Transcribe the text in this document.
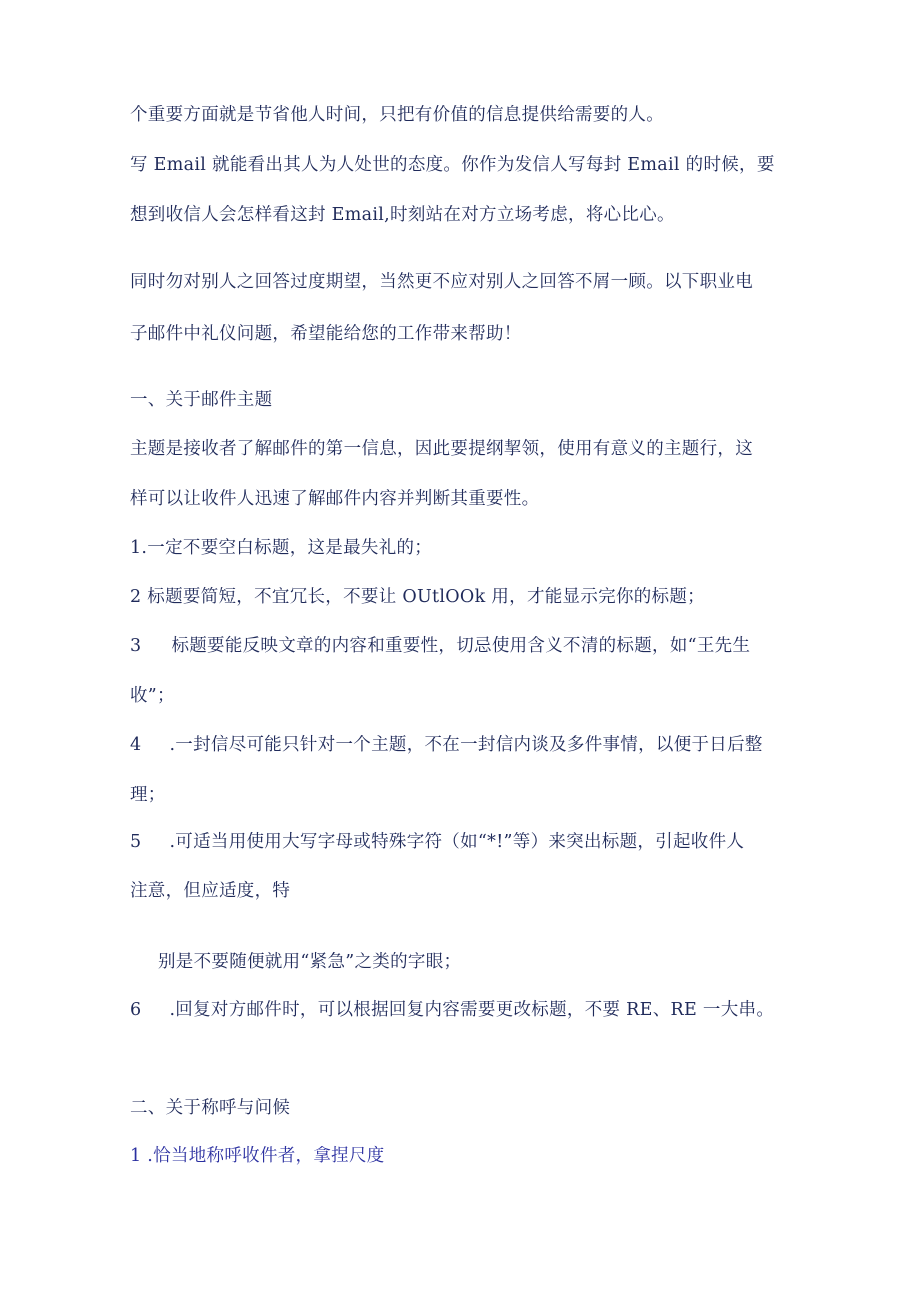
个重要方面就是节省他人时间，只把有价值的信息提供给需要的人。
写 Email 就能看出其人为人处世的态度。你作为发信人写每封 Email 的时候，要
想到收信人会怎样看这封 Email,时刻站在对方立场考虑，将心比心。
同时勿对别人之回答过度期望，当然更不应对别人之回答不屑一顾。以下职业电
子邮件中礼仪问题，希望能给您的工作带来帮助！
一、关于邮件主题
主题是接收者了解邮件的第一信息，因此要提纲挈领，使用有意义的主题行，这
样可以让收件人迅速了解邮件内容并判断其重要性。
1.一定不要空白标题，这是最失礼的；
2 标题要简短，不宜冗长，不要让 OUtlOOk 用，才能显示完你的标题；
3 标题要能反映文章的内容和重要性，切忌使用含义不清的标题，如“王先生
收”；
4 .一封信尽可能只针对一个主题，不在一封信内谈及多件事情，以便于日后整
理；
5 .可适当用使用大写字母或特殊字符（如“*!”等）来突出标题，引起收件人
注意，但应适度，特
别是不要随便就用“紧急”之类的字眼；
6 .回复对方邮件时，可以根据回复内容需要更改标题，不要 RE、RE 一大串。
二、关于称呼与问候
1 .恰当地称呼收件者，拿捏尺度
